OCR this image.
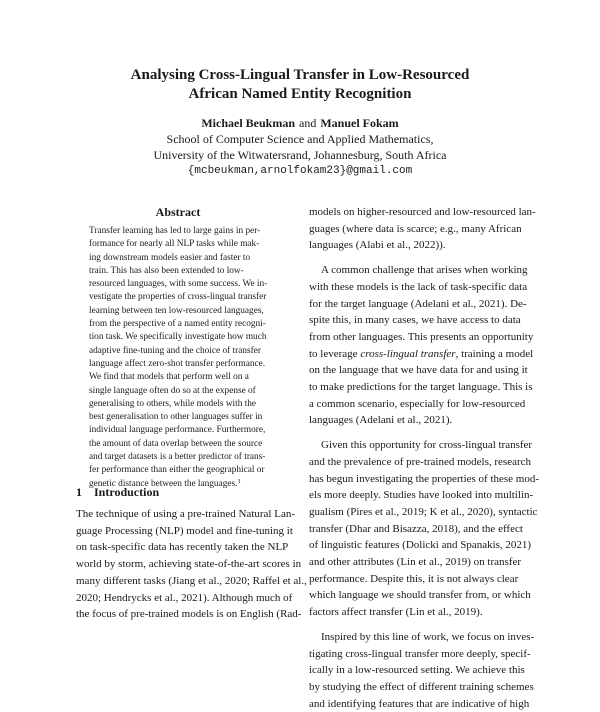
Analysing Cross-Lingual Transfer in Low-Resourced
African Named Entity Recognition
Michael Beukman and Manuel Fokam
School of Computer Science and Applied Mathematics,
University of the Witwatersrand, Johannesburg, South Africa
{mcbeukman,arnolfokam23}@gmail.com
Abstract
Transfer learning has led to large gains in per-
formance for nearly all NLP tasks while mak-
ing downstream models easier and faster to
train. This has also been extended to low-
resourced languages, with some success. We in-
vestigate the properties of cross-lingual transfer
learning between ten low-resourced languages,
from the perspective of a named entity recogni-
tion task. We specifically investigate how much
adaptive fine-tuning and the choice of transfer
language affect zero-shot transfer performance.
We find that models that perform well on a
single language often do so at the expense of
generalising to others, while models with the
best generalisation to other languages suffer in
individual language performance. Furthermore,
the amount of data overlap between the source
and target datasets is a better predictor of trans-
fer performance than either the geographical or
genetic distance between the languages.$^1$
1 Introduction
The technique of using a pre-trained Natural Lan-
guage Processing (NLP) model and fine-tuning it
on task-specific data has recently taken the NLP
world by storm, achieving state-of-the-art scores in
many different tasks (Jiang et al., 2020; Raffel et al.,
2020; Hendrycks et al., 2021). Although much of
the focus of pre-trained models is on English (Rad-
models on higher-resourced and low-resourced lan-
guages (where data is scarce; e.g., many African
languages (Alabi et al., 2022)).
A common challenge that arises when working
with these models is the lack of task-specific data
for the target language (Adelani et al., 2021). De-
spite this, in many cases, we have access to data
from other languages. This presents an opportunity
to leverage cross-lingual transfer, training a model
on the language that we have data for and using it
to make predictions for the target language. This is
a common scenario, especially for low-resourced
languages (Adelani et al., 2021).
Given this opportunity for cross-lingual transfer
and the prevalence of pre-trained models, research
has begun investigating the properties of these mod-
els more deeply. Studies have looked into multilin-
gualism (Pires et al., 2019; K et al., 2020), syntactic
transfer (Dhar and Bisazza, 2018), and the effect
of linguistic features (Dolicki and Spanakis, 2021)
and other attributes (Lin et al., 2019) on transfer
performance. Despite this, it is not always clear
which language we should transfer from, or which
factors affect transfer (Lin et al., 2019).
Inspired by this line of work, we focus on inves-
tigating cross-lingual transfer more deeply, specif-
ically in a low-resourced setting. We achieve this
by studying the effect of different training schemes
and identifying features that are indicative of high
